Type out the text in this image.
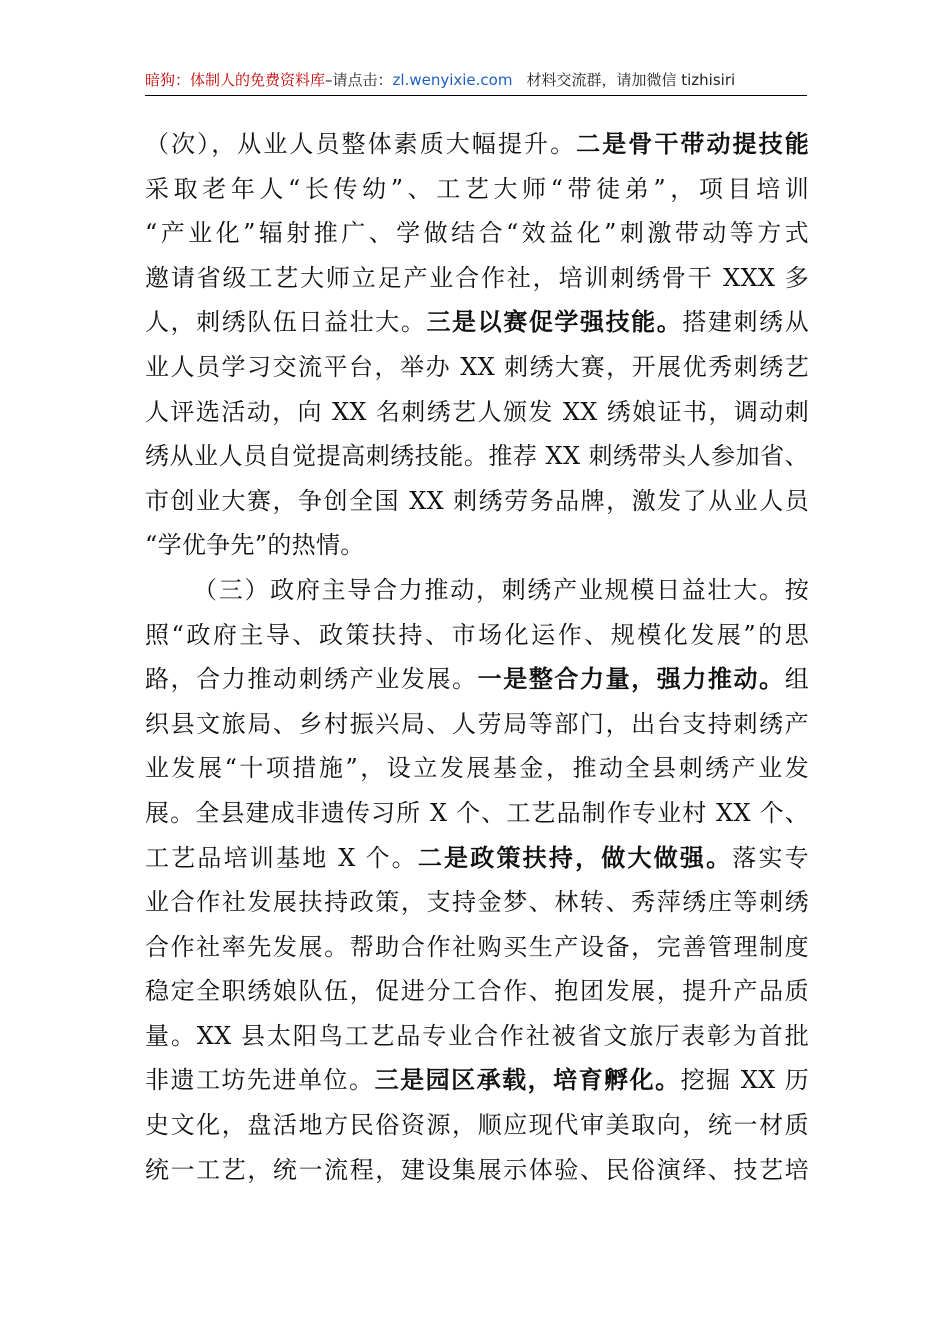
暗狗：体制人的免费资料库–请点击：zl.wenyixie.com 材料交流群，请加微信 tizhisiri
（次），从业人员整体素质大幅提升。二是骨干带动提技能
采取老年人“长传幼”、工艺大师“带徒弟”，项目培训
“产业化”辐射推广、学做结合“效益化”刺激带动等方式
邀请省级工艺大师立足产业合作社，培训刺绣骨干 XXX 多
人，刺绣队伍日益壮大。三是以赛促学强技能。搭建刺绣从
业人员学习交流平台，举办 XX 刺绣大赛，开展优秀刺绣艺
人评选活动，向 XX 名刺绣艺人颁发 XX 绣娘证书，调动刺
绣从业人员自觉提高刺绣技能。推荐 XX 刺绣带头人参加省、
市创业大赛，争创全国 XX 刺绣劳务品牌，激发了从业人员
“学优争先”的热情。
（三）政府主导合力推动，刺绣产业规模日益壮大。按
照“政府主导、政策扶持、市场化运作、规模化发展”的思
路，合力推动刺绣产业发展。一是整合力量，强力推动。组
织县文旅局、乡村振兴局、人劳局等部门，出台支持刺绣产
业发展“十项措施”，设立发展基金，推动全县刺绣产业发
展。全县建成非遗传习所 X 个、工艺品制作专业村 XX 个、
工艺品培训基地 X 个。二是政策扶持，做大做强。落实专
业合作社发展扶持政策，支持金梦、林转、秀萍绣庄等刺绣
合作社率先发展。帮助合作社购买生产设备，完善管理制度
稳定全职绣娘队伍，促进分工合作、抱团发展，提升产品质
量。XX 县太阳鸟工艺品专业合作社被省文旅厅表彰为首批
非遗工坊先进单位。三是园区承载，培育孵化。挖掘 XX 历
史文化，盘活地方民俗资源，顺应现代审美取向，统一材质
统一工艺，统一流程，建设集展示体验、民俗演绎、技艺培
